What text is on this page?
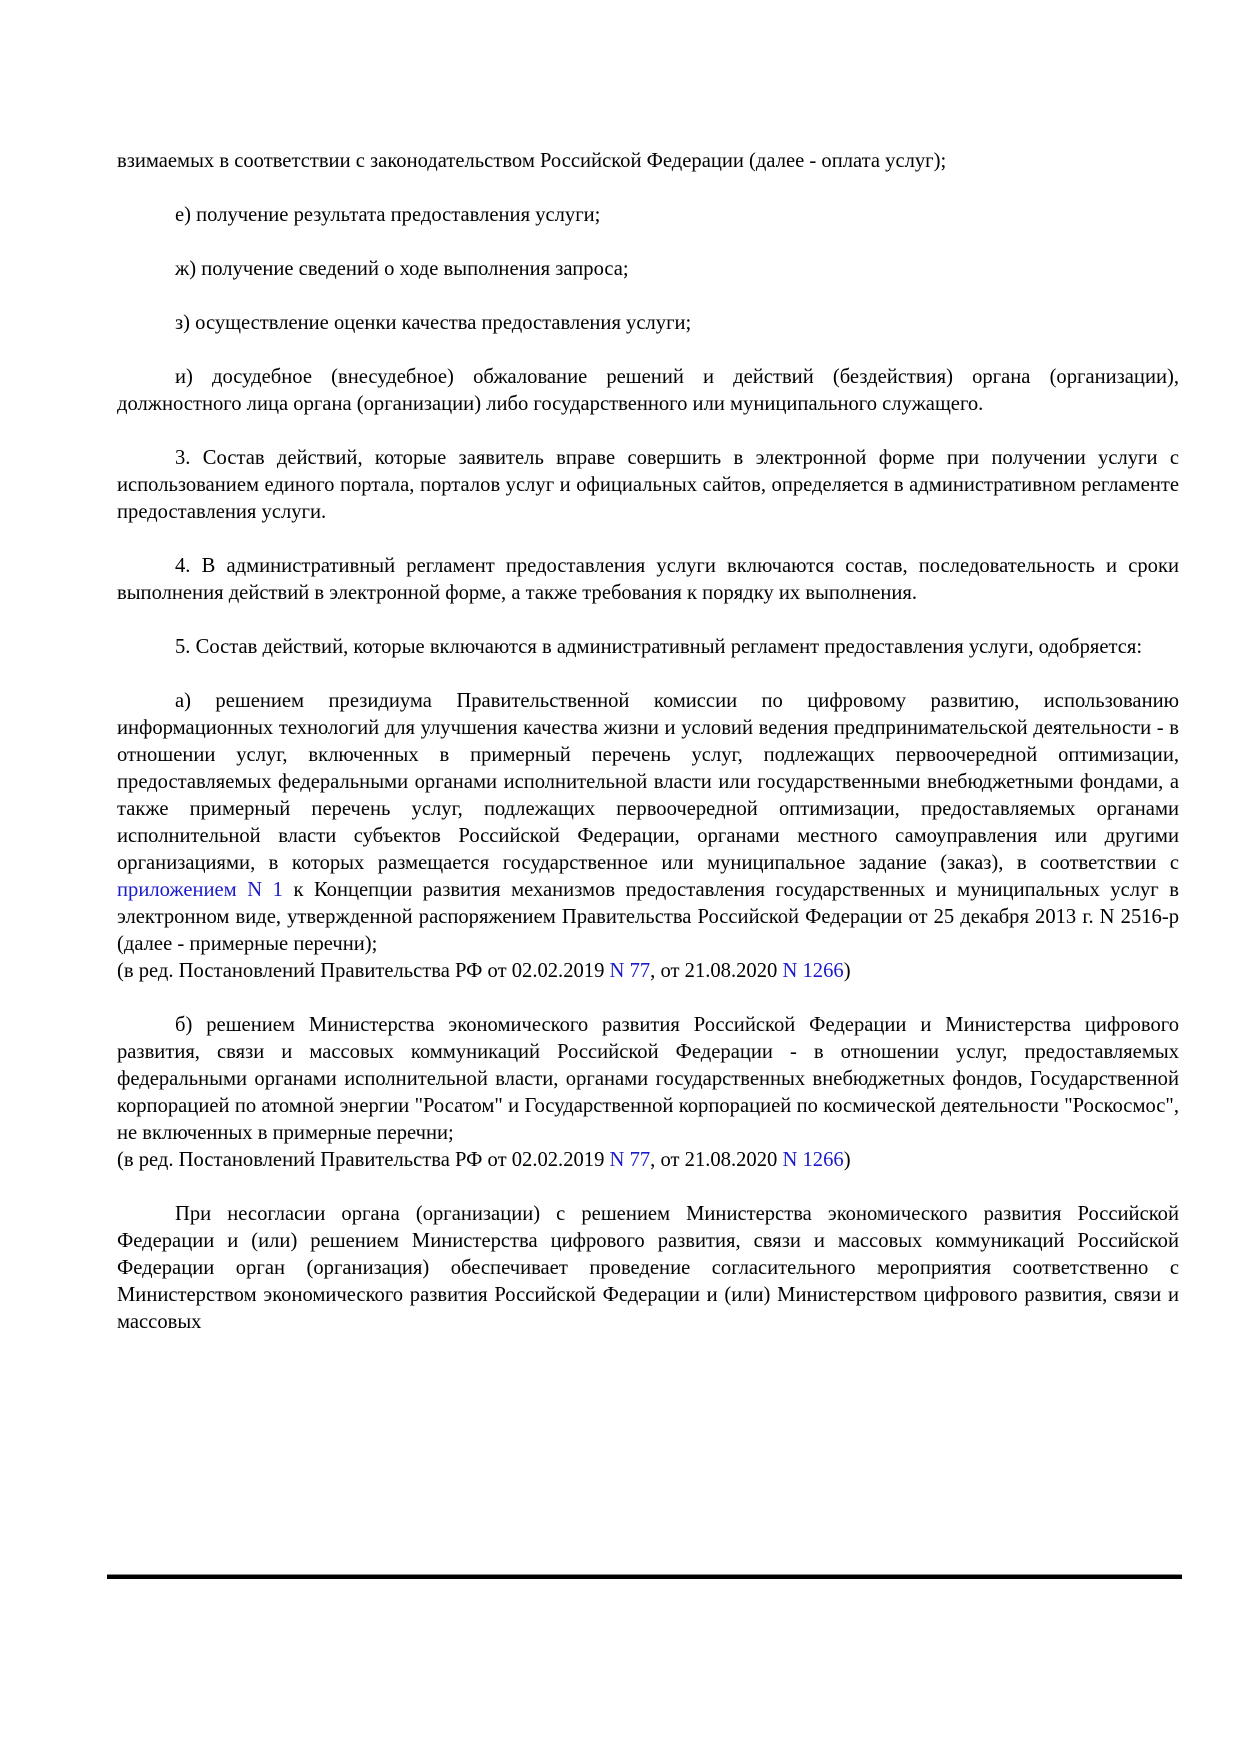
взимаемых в соответствии с законодательством Российской Федерации (далее - оплата услуг);

е) получение результата предоставления услуги;

ж) получение сведений о ходе выполнения запроса;

з) осуществление оценки качества предоставления услуги;

и) досудебное (внесудебное) обжалование решений и действий (бездействия) органа (организации), должностного лица органа (организации) либо государственного или муниципального служащего.

3. Состав действий, которые заявитель вправе совершить в электронной форме при получении услуги с использованием единого портала, порталов услуг и официальных сайтов, определяется в административном регламенте предоставления услуги.

4. В административный регламент предоставления услуги включаются состав, последовательность и сроки выполнения действий в электронной форме, а также требования к порядку их выполнения.

5. Состав действий, которые включаются в административный регламент предоставления услуги, одобряется:

а) решением президиума Правительственной комиссии по цифровому развитию, использованию информационных технологий для улучшения качества жизни и условий ведения предпринимательской деятельности - в отношении услуг, включенных в примерный перечень услуг, подлежащих первоочередной оптимизации, предоставляемых федеральными органами исполнительной власти или государственными внебюджетными фондами, а также примерный перечень услуг, подлежащих первоочередной оптимизации, предоставляемых органами исполнительной власти субъектов Российской Федерации, органами местного самоуправления или другими организациями, в которых размещается государственное или муниципальное задание (заказ), в соответствии с приложением N 1 к Концепции развития механизмов предоставления государственных и муниципальных услуг в электронном виде, утвержденной распоряжением Правительства Российской Федерации от 25 декабря 2013 г. N 2516-р (далее - примерные перечни);

(в ред. Постановлений Правительства РФ от 02.02.2019 N 77, от 21.08.2020 N 1266)

б) решением Министерства экономического развития Российской Федерации и Министерства цифрового развития, связи и массовых коммуникаций Российской Федерации - в отношении услуг, предоставляемых федеральными органами исполнительной власти, органами государственных внебюджетных фондов, Государственной корпорацией по атомной энергии "Росатом" и Государственной корпорацией по космической деятельности "Роскосмос", не включенных в примерные перечни;

(в ред. Постановлений Правительства РФ от 02.02.2019 N 77, от 21.08.2020 N 1266)

При несогласии органа (организации) с решением Министерства экономического развития Российской Федерации и (или) решением Министерства цифрового развития, связи и массовых коммуникаций Российской Федерации орган (организация) обеспечивает проведение согласительного мероприятия соответственно с Министерством экономического развития Российской Федерации и (или) Министерством цифрового развития, связи и массовых
